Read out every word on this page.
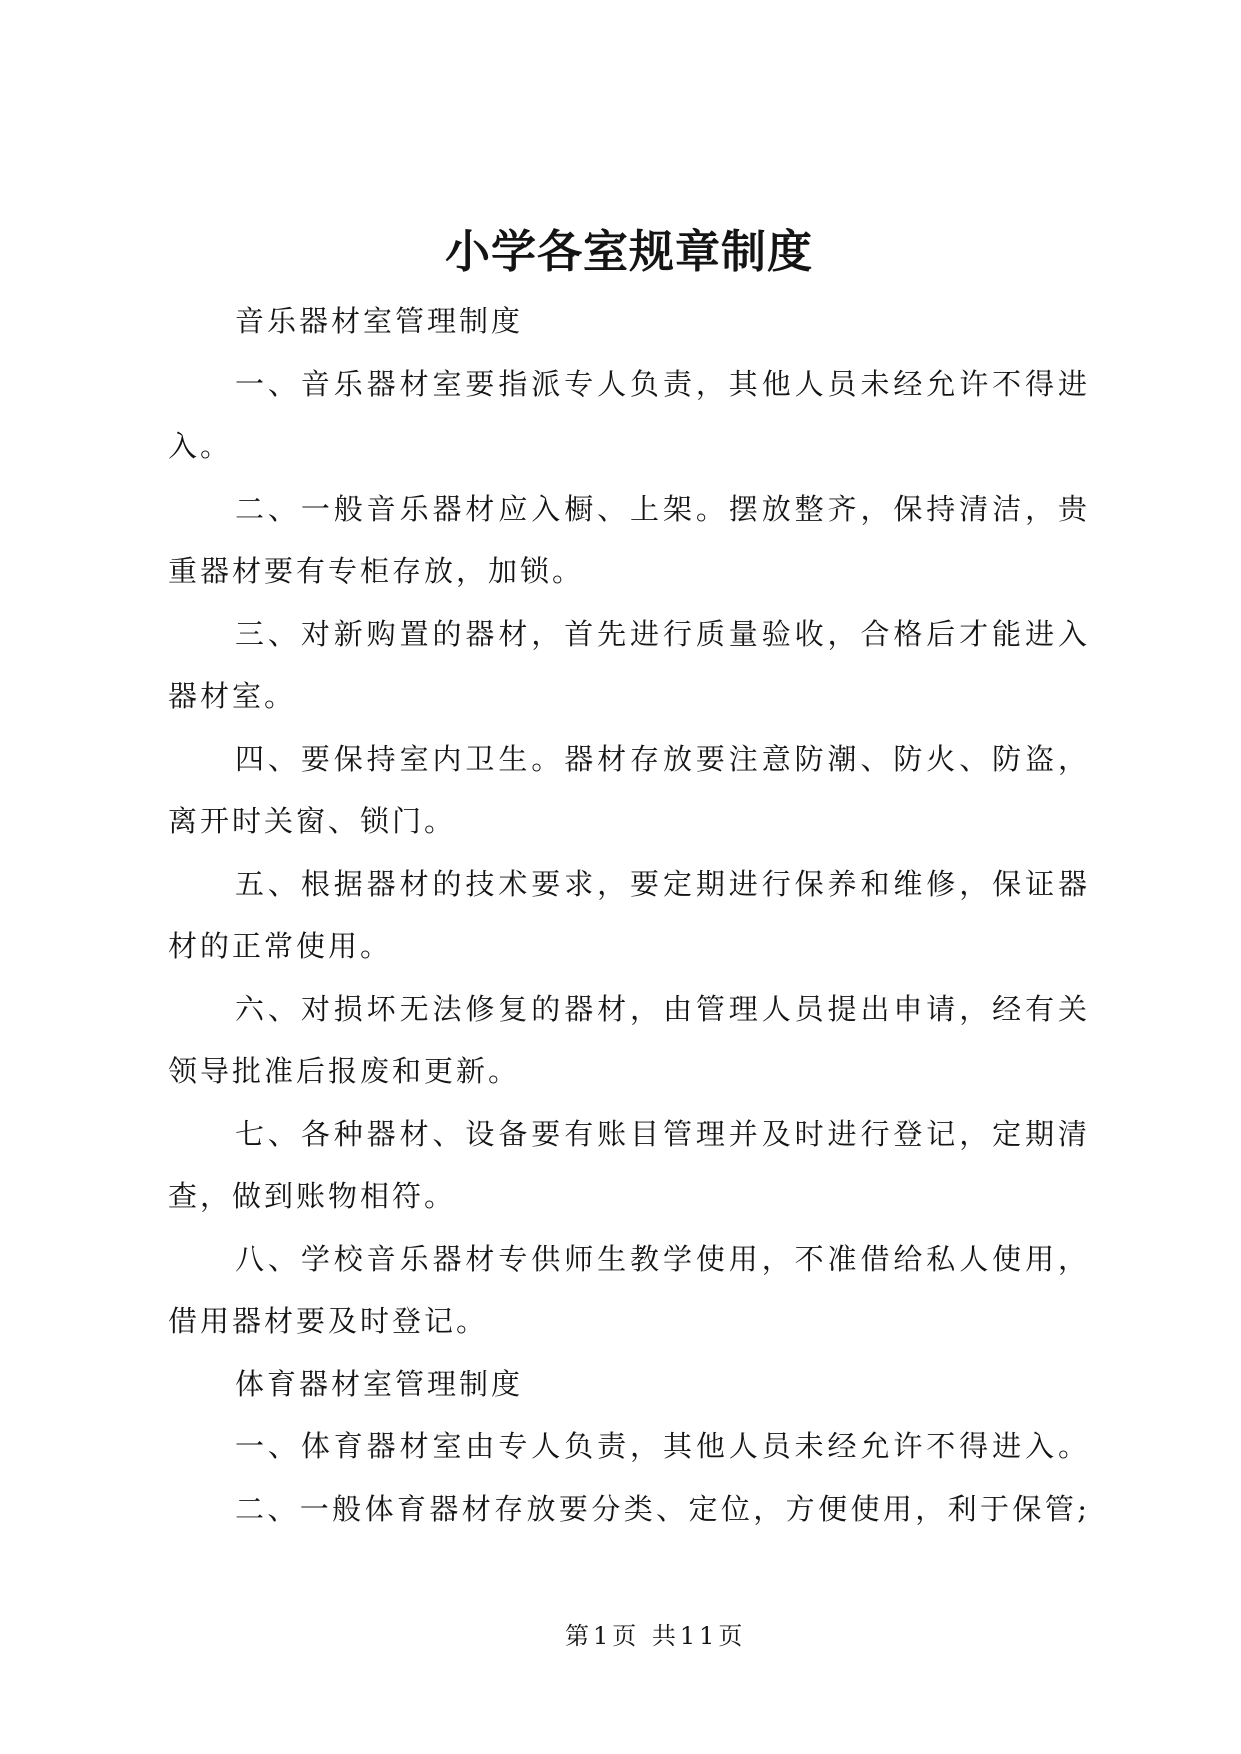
小学各室规章制度
音乐器材室管理制度
一、音乐器材室要指派专人负责，其他人员未经允许不得进
入。
二、一般音乐器材应入橱、上架。摆放整齐，保持清洁，贵
重器材要有专柜存放，加锁。
三、对新购置的器材，首先进行质量验收，合格后才能进入
器材室。
四、要保持室内卫生。器材存放要注意防潮、防火、防盗，
离开时关窗、锁门。
五、根据器材的技术要求，要定期进行保养和维修，保证器
材的正常使用。
六、对损坏无法修复的器材，由管理人员提出申请，经有关
领导批准后报废和更新。
七、各种器材、设备要有账目管理并及时进行登记，定期清
查，做到账物相符。
八、学校音乐器材专供师生教学使用，不准借给私人使用，
借用器材要及时登记。
体育器材室管理制度
一、体育器材室由专人负责，其他人员未经允许不得进入。
二、一般体育器材存放要分类、定位，方便使用，利于保管;
第1页 共11页
